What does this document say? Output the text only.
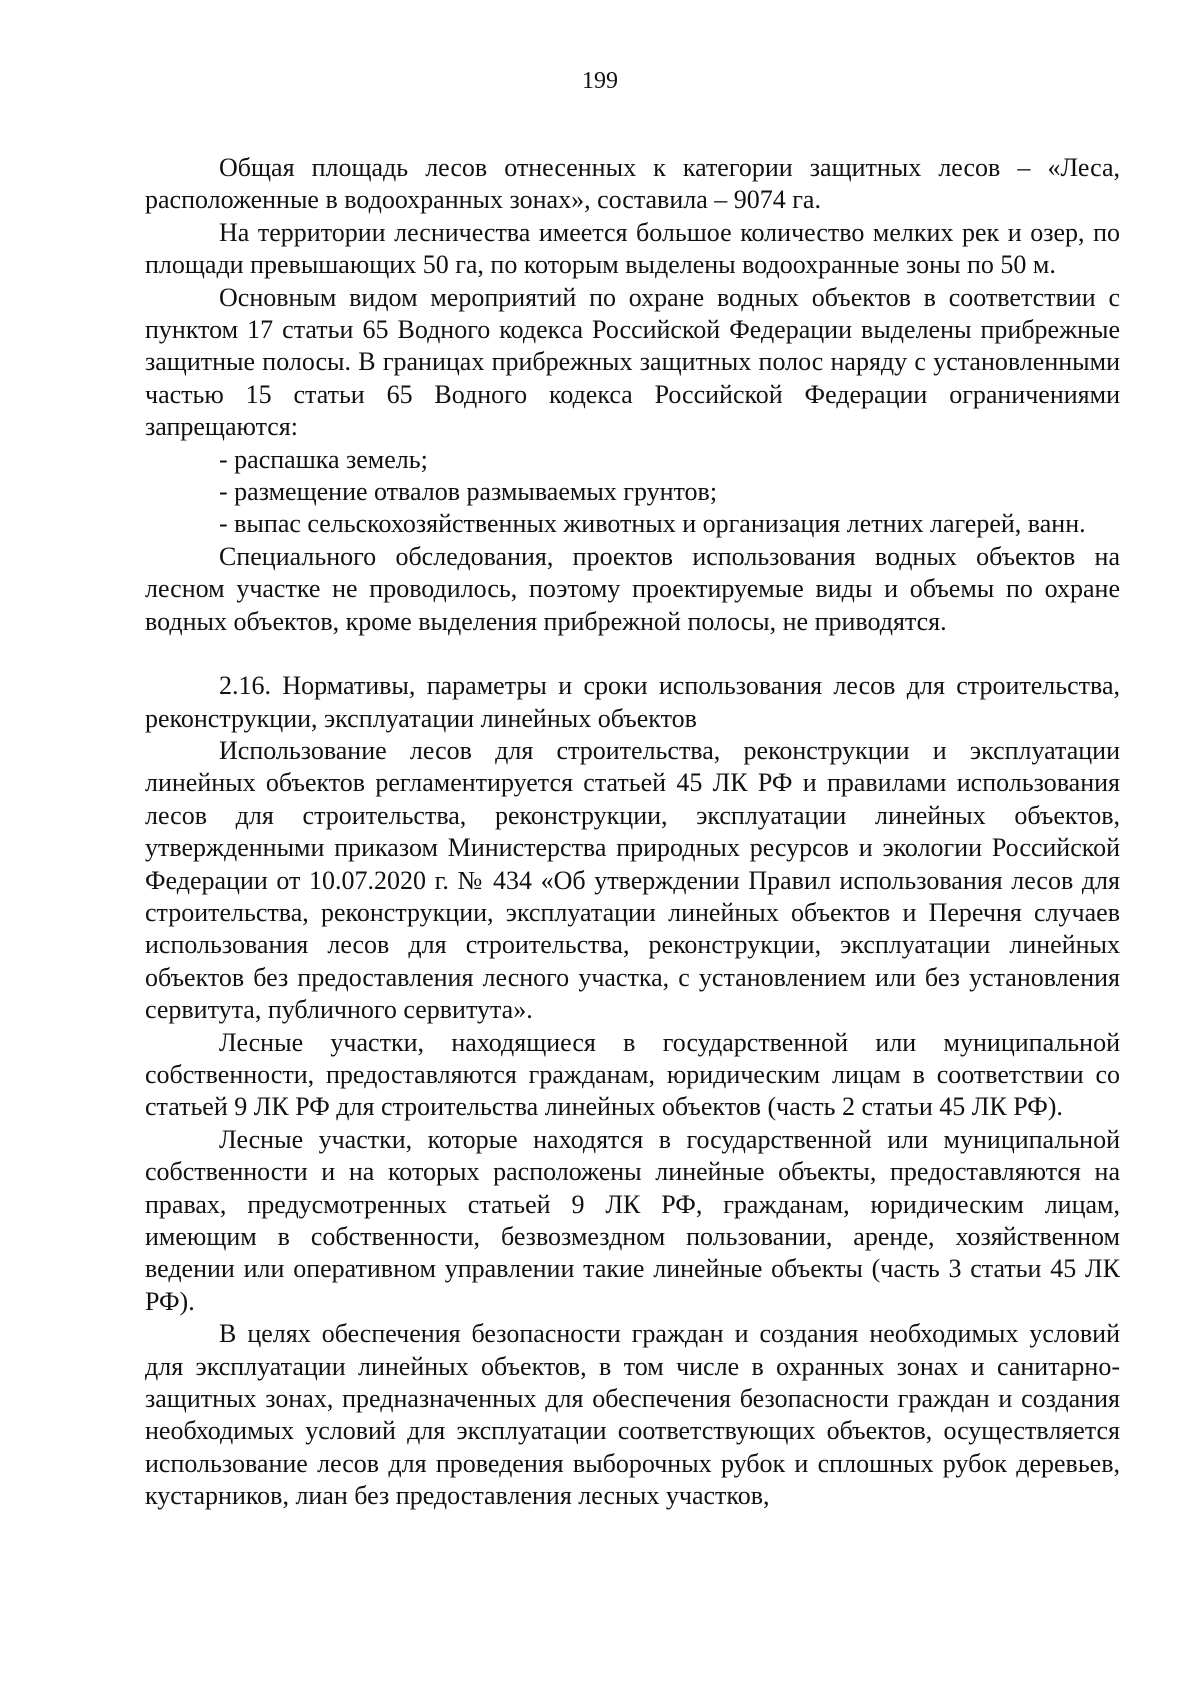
199

Общая площадь лесов отнесенных к категории защитных лесов – «Леса, расположенные в водоохранных зонах», составила – 9074 га.

На территории лесничества имеется большое количество мелких рек и озер, по площади превышающих 50 га, по которым выделены водоохранные зоны по 50 м.

Основным видом мероприятий по охране водных объектов в соответствии с пунктом 17 статьи 65 Водного кодекса Российской Федерации выделены прибрежные защитные полосы. В границах прибрежных защитных полос наряду с установленными частью 15 статьи 65 Водного кодекса Российской Федерации ограничениями запрещаются:

- распашка земель;

- размещение отвалов размываемых грунтов;

- выпас сельскохозяйственных животных и организация летних лагерей, ванн.

Специального обследования, проектов использования водных объектов на лесном участке не проводилось, поэтому проектируемые виды и объемы по охране водных объектов, кроме выделения прибрежной полосы, не приводятся.

2.16. Нормативы, параметры и сроки использования лесов для строительства, реконструкции, эксплуатации линейных объектов

Использование лесов для строительства, реконструкции и эксплуатации линейных объектов регламентируется статьей 45 ЛК РФ и правилами использования лесов для строительства, реконструкции, эксплуатации линейных объектов, утвержденными приказом Министерства природных ресурсов и экологии Российской Федерации от 10.07.2020 г. № 434 «Об утверждении Правил использования лесов для строительства, реконструкции, эксплуатации линейных объектов и Перечня случаев использования лесов для строительства, реконструкции, эксплуатации линейных объектов без предоставления лесного участка, с установлением или без установления сервитута, публичного сервитута».

Лесные участки, находящиеся в государственной или муниципальной собственности, предоставляются гражданам, юридическим лицам в соответствии со статьей 9 ЛК РФ для строительства линейных объектов (часть 2 статьи 45 ЛК РФ).

Лесные участки, которые находятся в государственной или муниципальной собственности и на которых расположены линейные объекты, предоставляются на правах, предусмотренных статьей 9 ЛК РФ, гражданам, юридическим лицам, имеющим в собственности, безвозмездном пользовании, аренде, хозяйственном ведении или оперативном управлении такие линейные объекты (часть 3 статьи 45 ЛК РФ).

В целях обеспечения безопасности граждан и создания необходимых условий для эксплуатации линейных объектов, в том числе в охранных зонах и санитарно-защитных зонах, предназначенных для обеспечения безопасности граждан и создания необходимых условий для эксплуатации соответствующих объектов, осуществляется использование лесов для проведения выборочных рубок и сплошных рубок деревьев, кустарников, лиан без предоставления лесных участков,
